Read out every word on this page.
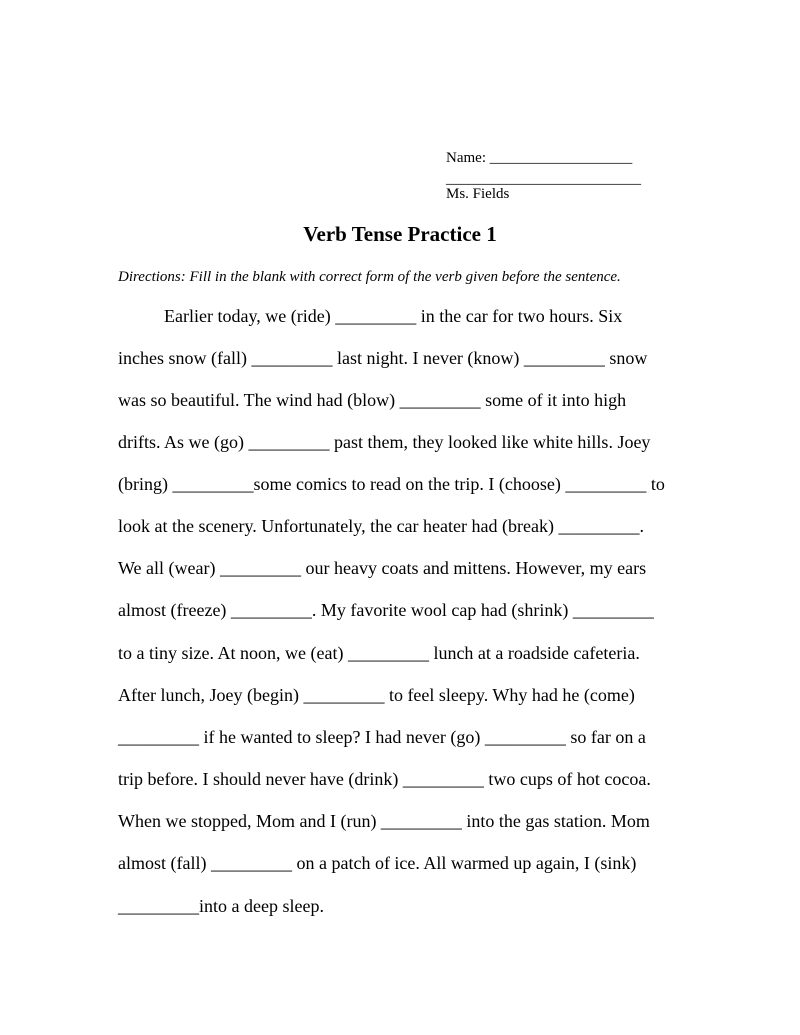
Name: ___________________
__________________________
Ms. Fields
Verb Tense Practice 1
Directions: Fill in the blank with correct form of the verb given before the sentence.
Earlier today, we (ride) _________ in the car for two hours. Six
inches snow (fall) _________ last night. I never (know) _________ snow
was so beautiful. The wind had (blow) _________ some of it into high
drifts. As we (go) _________ past them, they looked like white hills. Joey
(bring) _________some comics to read on the trip. I (choose) _________ to
look at the scenery. Unfortunately, the car heater had (break) _________.
We all (wear) _________ our heavy coats and mittens. However, my ears
almost (freeze) _________. My favorite wool cap had (shrink) _________
to a tiny size. At noon, we (eat) _________ lunch at a roadside cafeteria.
After lunch, Joey (begin) _________ to feel sleepy. Why had he (come)
_________ if he wanted to sleep? I had never (go) _________ so far on a
trip before. I should never have (drink) _________ two cups of hot cocoa.
When we stopped, Mom and I (run) _________ into the gas station. Mom
almost (fall) _________ on a patch of ice. All warmed up again, I (sink)
_________into a deep sleep.
